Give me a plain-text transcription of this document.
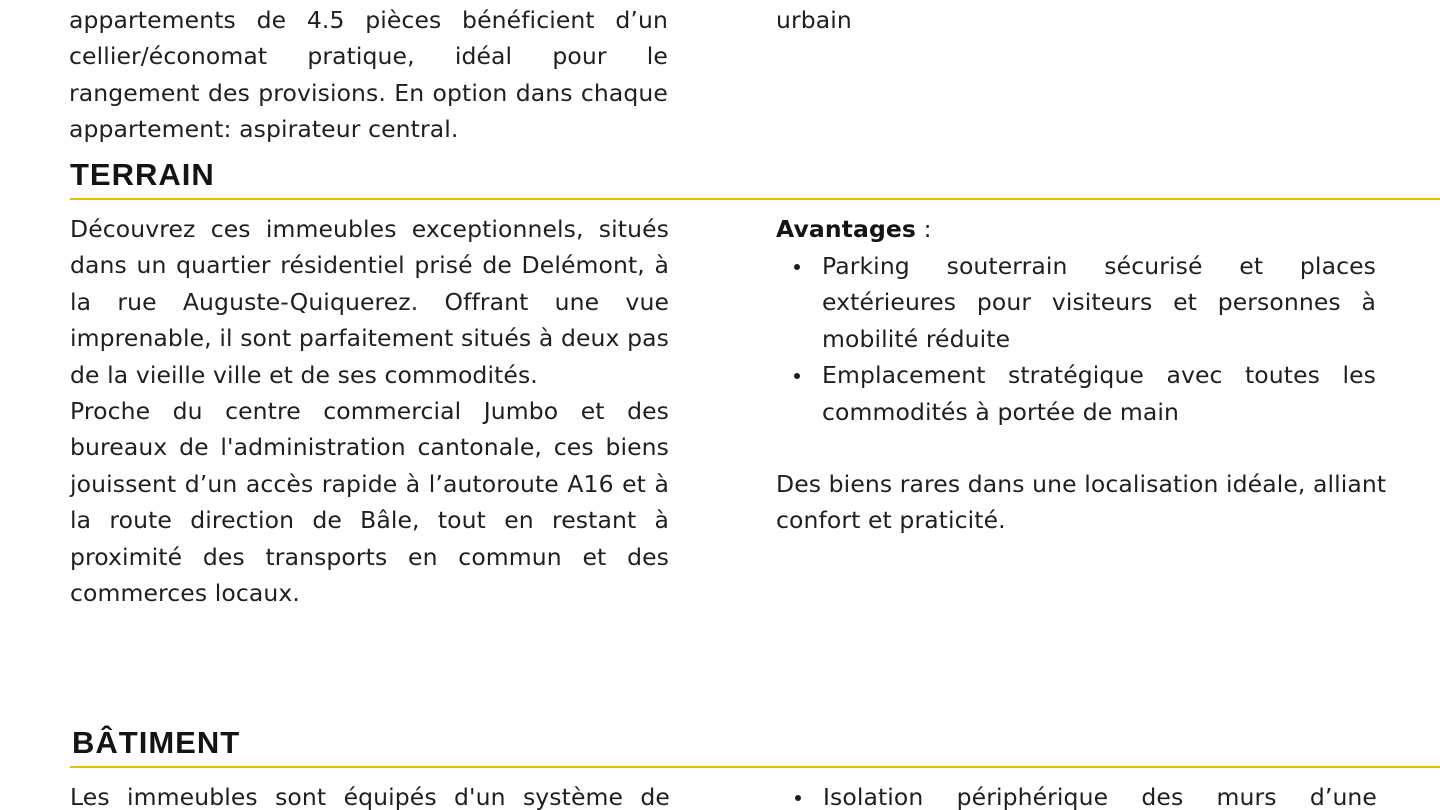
appartements de 4.5 pièces bénéficient d’un
cellier/économat pratique, idéal pour le
rangement des provisions. En option dans chaque
appartement: aspirateur central.
urbain
TERRAIN
Découvrez ces immeubles exceptionnels, situés
dans un quartier résidentiel prisé de Delémont, à
la rue Auguste-Quiquerez. Offrant une vue
imprenable, il sont parfaitement situés à deux pas
de la vieille ville et de ses commodités.
Proche du centre commercial Jumbo et des
bureaux de l'administration cantonale, ces biens
jouissent d’un accès rapide à l’autoroute A16 et à
la route direction de Bâle, tout en restant à
proximité des transports en commun et des
commerces locaux.
Avantages :
Parking souterrain sécurisé et places
extérieures pour visiteurs et personnes à
mobilité réduite
Emplacement stratégique avec toutes les
commodités à portée de main
Des biens rares dans une localisation idéale, alliant
confort et praticité.
BÂTIMENT
Les immeubles sont équipés d'un système de	Isolation périphérique des murs d’une
